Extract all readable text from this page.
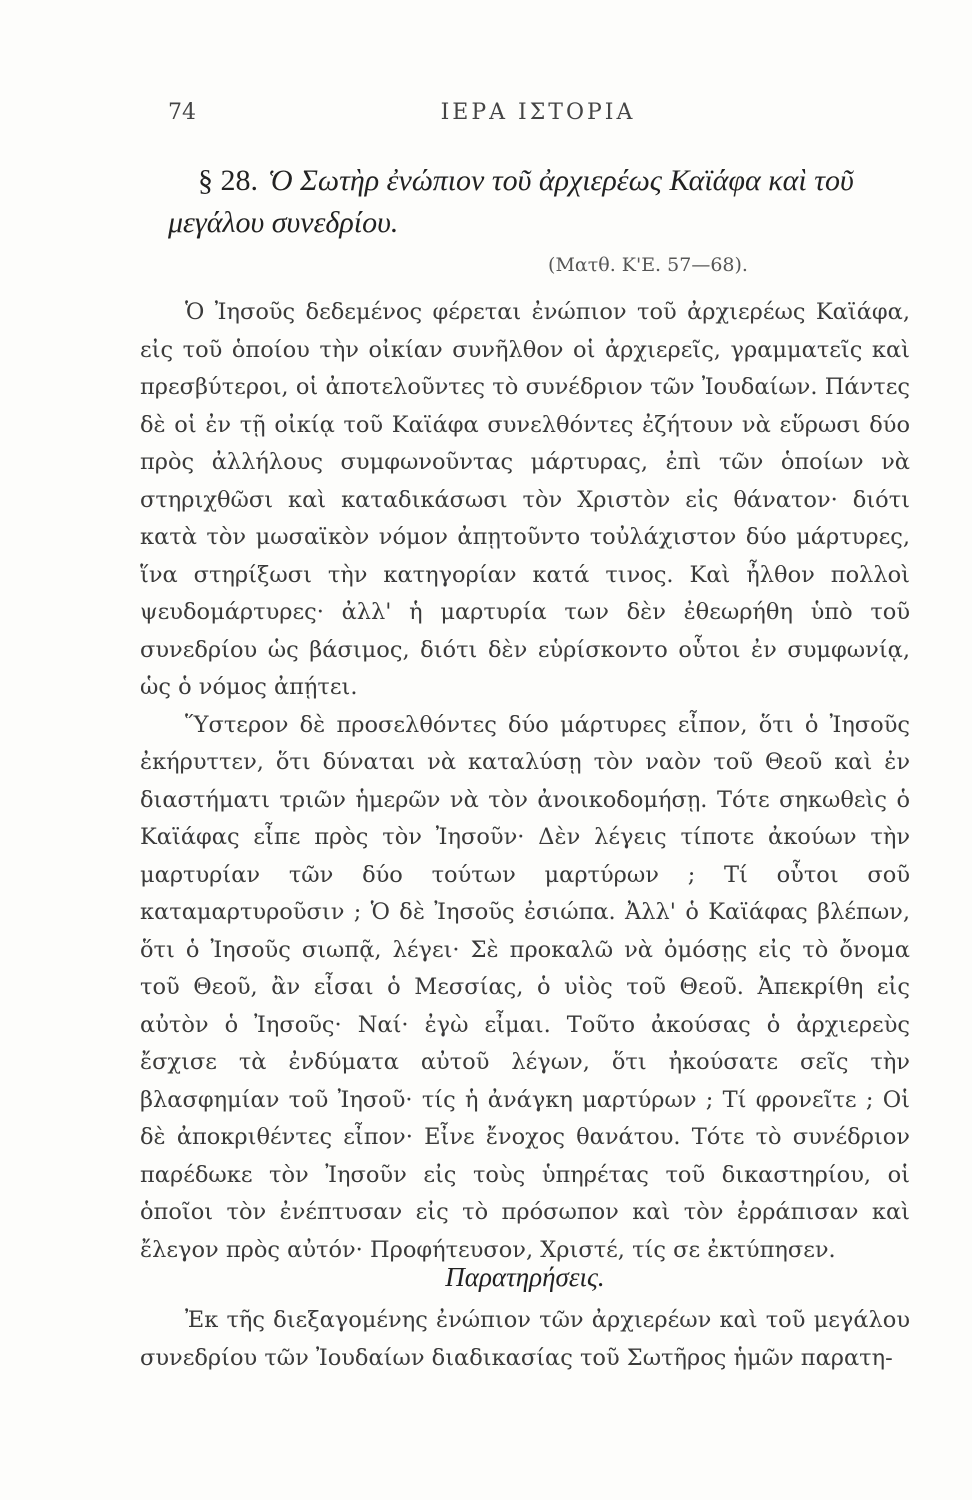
74	ΙΕΡΑ ΙΣΤΟΡΙΑ
§ 28. Ὁ Σωτὴρ ἐνώπιον τοῦ ἀρχιερέως Καϊάφα καὶ τοῦ μεγάλου συνεδρίου.
(Ματθ. Κ'Ε. 57—68).

Ὁ Ἰησοῦς δεδεμένος φέρεται ἐνώπιον τοῦ ἀρχιερέως Καϊάφα, εἰς τοῦ ὁποίου τὴν οἰκίαν συνῆλθον οἱ ἀρχιερεῖς, γραμματεῖς καὶ πρεσβύτεροι, οἱ ἀποτελοῦντες τὸ συνέδριον τῶν Ἰουδαίων. Πάντες δὲ οἱ ἐν τῇ οἰκίᾳ τοῦ Καϊάφα συνελθόντες ἐζήτουν νὰ εὕρωσι δύο πρὸς ἀλλήλους συμφωνοῦντας μάρτυρας, ἐπὶ τῶν ὁποίων νὰ στηριχθῶσι καὶ καταδικάσωσι τὸν Χριστὸν εἰς θάνατον· διότι κατὰ τὸν μωσαϊκὸν νόμον ἀπῃτοῦντο τοὐλάχιστον δύο μάρτυρες, ἵνα στηρίξωσι τὴν κατηγορίαν κατά τινος. Καὶ ἦλθον πολλοὶ ψευδομάρτυρες· ἀλλ' ἡ μαρτυρία των δὲν ἐθεωρήθη ὑπὸ τοῦ συνεδρίου ὡς βάσιμος, διότι δὲν εὑρίσκοντο οὗτοι ἐν συμφωνίᾳ, ὡς ὁ νόμος ἀπῄτει.

Ὕστερον δὲ προσελθόντες δύο μάρτυρες εἶπον, ὅτι ὁ Ἰησοῦς ἐκήρυττεν, ὅτι δύναται νὰ καταλύσῃ τὸν ναὸν τοῦ Θεοῦ καὶ ἐν διαστήματι τριῶν ἡμερῶν νὰ τὸν ἀνοικοδομήσῃ. Τότε σηκωθεὶς ὁ Καϊάφας εἶπε πρὸς τὸν Ἰησοῦν· Δὲν λέγεις τίποτε ἀκούων τὴν μαρτυρίαν τῶν δύο τούτων μαρτύρων ; Τί οὗτοι σοῦ καταμαρτυροῦσιν ; Ὁ δὲ Ἰησοῦς ἐσιώπα. Ἀλλ' ὁ Καϊάφας βλέπων, ὅτι ὁ Ἰησοῦς σιωπᾷ, λέγει· Σὲ προκαλῶ νὰ ὀμόσῃς εἰς τὸ ὄνομα τοῦ Θεοῦ, ἂν εἶσαι ὁ Μεσσίας, ὁ υἱὸς τοῦ Θεοῦ. Ἀπεκρίθη εἰς αὐτὸν ὁ Ἰησοῦς· Ναί· ἐγὼ εἶμαι. Τοῦτο ἀκούσας ὁ ἀρχιερεὺς ἔσχισε τὰ ἐνδύματα αὐτοῦ λέγων, ὅτι ἠκούσατε σεῖς τὴν βλασφημίαν τοῦ Ἰησοῦ· τίς ἡ ἀνάγκη μαρτύρων ; Τί φρονεῖτε ; Οἱ δὲ ἀποκριθέντες εἶπον· Εἶνε ἔνοχος θανάτου. Τότε τὸ συνέδριον παρέδωκε τὸν Ἰησοῦν εἰς τοὺς ὑπηρέτας τοῦ δικαστηρίου, οἱ ὁποῖοι τὸν ἐνέπτυσαν εἰς τὸ πρόσωπον καὶ τὸν ἐρράπισαν καὶ ἔλεγον πρὸς αὐτόν· Προφήτευσον, Χριστέ, τίς σε ἐκτύπησεν.

Παρατηρήσεις.

Ἐκ τῆς διεξαγομένης ἐνώπιον τῶν ἀρχιερέων καὶ τοῦ μεγάλου συνεδρίου τῶν Ἰουδαίων διαδικασίας τοῦ Σωτῆρος ἡμῶν παρατη-
